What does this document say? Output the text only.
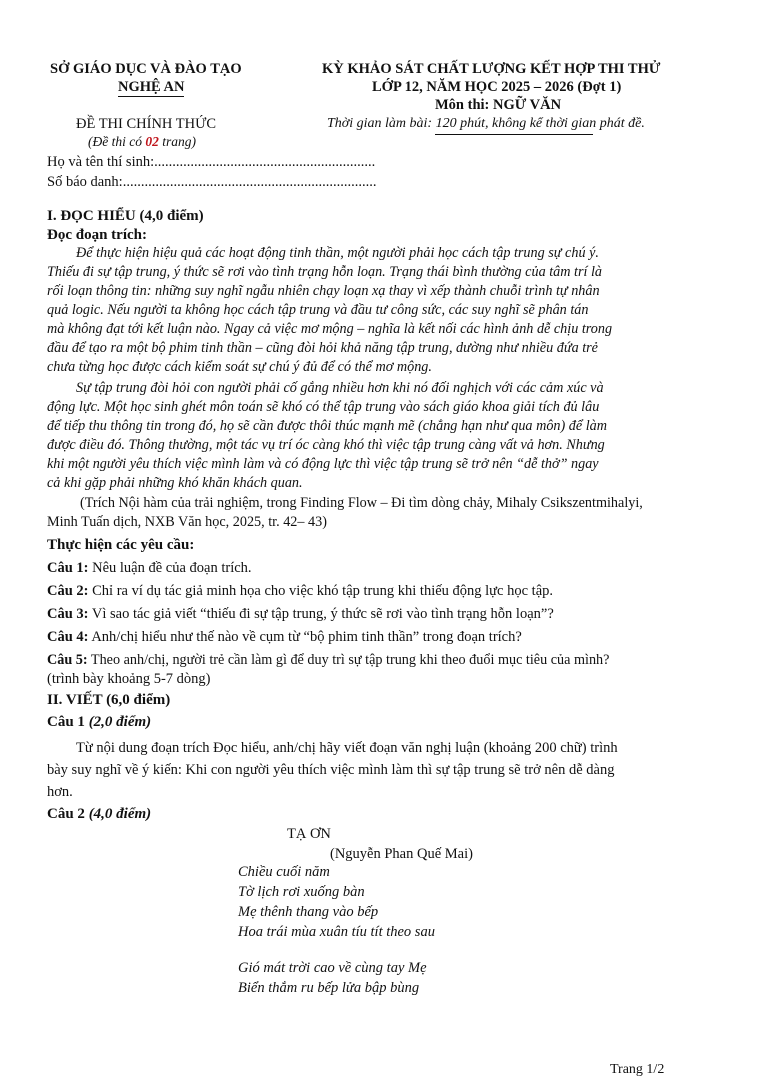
SỞ GIÁO DỤC VÀ ĐÀO TẠO
NGHỆ AN
ĐỀ THI CHÍNH THỨC
(Đề thi có 02 trang)
KỲ KHẢO SÁT CHẤT LƯỢNG KẾT HỢP THI THỬ
LỚP 12, NĂM HỌC 2025 – 2026 (Đợt 1)
Môn thi: NGỮ VĂN
Thời gian làm bài: 120 phút, không kể thời gian phát đề.
Họ và tên thí sinh:.............................................................
Số báo danh:......................................................................
I. ĐỌC HIỂU (4,0 điểm)
Đọc đoạn trích:
Để thực hiện hiệu quả các hoạt động tinh thần, một người phải học cách tập trung sự chú ý.
Thiếu đi sự tập trung, ý thức sẽ rơi vào tình trạng hỗn loạn. Trạng thái bình thường của tâm trí là
rối loạn thông tin: những suy nghĩ ngẫu nhiên chạy loạn xạ thay vì xếp thành chuỗi trình tự nhân
quả logic. Nếu người ta không học cách tập trung và đầu tư công sức, các suy nghĩ sẽ phân tán
mà không đạt tới kết luận nào. Ngay cả việc mơ mộng – nghĩa là kết nối các hình ảnh dễ chịu trong
đầu để tạo ra một bộ phim tinh thần – cũng đòi hỏi khả năng tập trung, dường như nhiều đứa trẻ
chưa từng học được cách kiểm soát sự chú ý đủ để có thể mơ mộng.
Sự tập trung đòi hỏi con người phải cố gắng nhiều hơn khi nó đối nghịch với các cảm xúc và
động lực. Một học sinh ghét môn toán sẽ khó có thể tập trung vào sách giáo khoa giải tích đủ lâu
để tiếp thu thông tin trong đó, họ sẽ cần được thôi thúc mạnh mẽ (chẳng hạn như qua môn) để làm
được điều đó. Thông thường, một tác vụ trí óc càng khó thì việc tập trung càng vất vả hơn. Nhưng
khi một người yêu thích việc mình làm và có động lực thì việc tập trung sẽ trở nên “dễ thở” ngay
cả khi gặp phải những khó khăn khách quan.
(Trích Nội hàm của trải nghiệm, trong Finding Flow – Đi tìm dòng chảy, Mihaly Csikszentmihalyi,
Minh Tuấn dịch, NXB Văn học, 2025, tr. 42– 43)
Thực hiện các yêu cầu:
Câu 1: Nêu luận đề của đoạn trích.
Câu 2: Chỉ ra ví dụ tác giả minh họa cho việc khó tập trung khi thiếu động lực học tập.
Câu 3: Vì sao tác giả viết “thiếu đi sự tập trung, ý thức sẽ rơi vào tình trạng hỗn loạn”?
Câu 4: Anh/chị hiểu như thế nào về cụm từ “bộ phim tinh thần” trong đoạn trích?
Câu 5: Theo anh/chị, người trẻ cần làm gì để duy trì sự tập trung khi theo đuổi mục tiêu của mình?
(trình bày khoảng 5-7 dòng)
II. VIẾT (6,0 điểm)
Câu 1 (2,0 điểm)
Từ nội dung đoạn trích Đọc hiểu, anh/chị hãy viết đoạn văn nghị luận (khoảng 200 chữ) trình
bày suy nghĩ về ý kiến: Khi con người yêu thích việc mình làm thì sự tập trung sẽ trở nên dễ dàng
hơn.
Câu 2 (4,0 điểm)
TẠ ƠN
(Nguyễn Phan Quế Mai)
Chiều cuối năm
Tờ lịch rơi xuống bàn
Mẹ thênh thang vào bếp
Hoa trái mùa xuân tíu tít theo sau
Gió mát trời cao về cùng tay Mẹ
Biển thắm ru bếp lửa bập bùng
Trang 1/2
